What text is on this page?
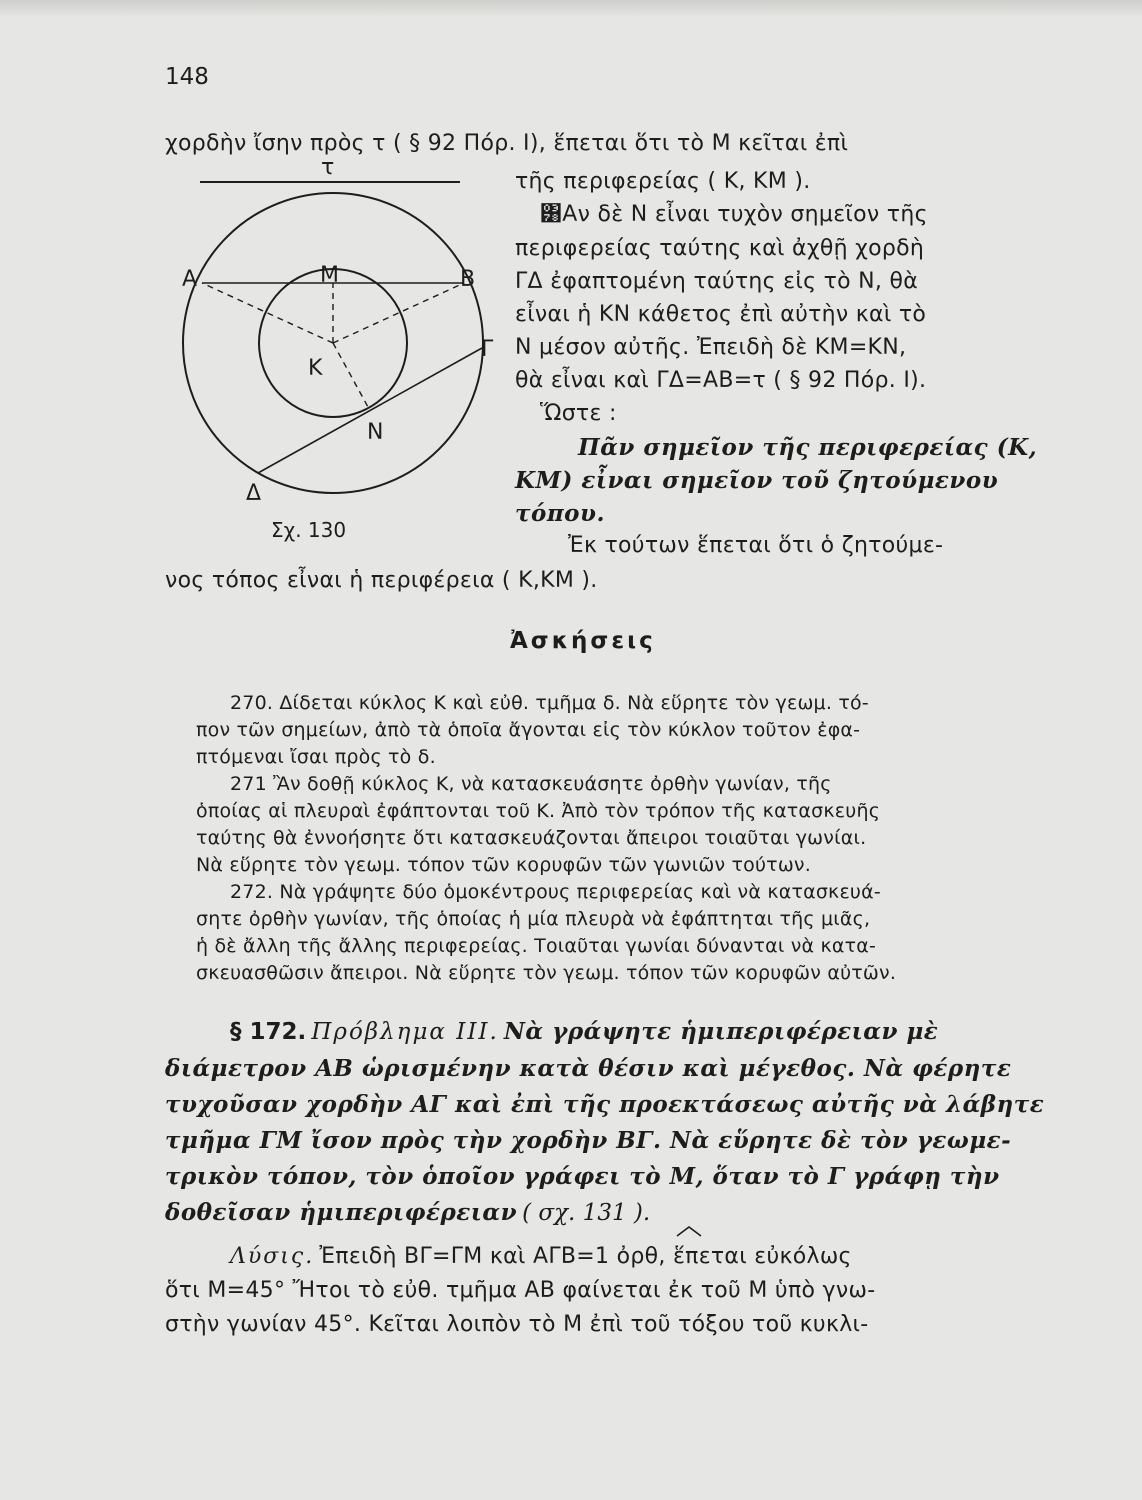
148
χορδὴν ἴσην πρὸς τ ( § 92 Πόρ. Ι), ἕπεται ὅτι τὸ Μ κεῖται ἐπὶ
τ
Α	Μ	Β
Κ
Γ
Ν
Δ
Σχ. 130
τῆς περιφερείας ( Κ, ΚΜ ).
͸Αν δὲ Ν εἶναι τυχὸν σημεῖον τῆς
περιφερείας ταύτης καὶ ἀχθῇ χορδὴ
ΓΔ ἐφαπτομένη ταύτης εἰς τὸ Ν, θὰ
εἶναι ἡ ΚΝ κάθετος ἐπὶ αὐτὴν καὶ τὸ
Ν μέσον αὐτῆς. Ἐπειδὴ δὲ ΚΜ=ΚΝ,
θὰ εἶναι καὶ ΓΔ=ΑΒ=τ ( § 92 Πόρ. Ι).
Ὥστε :
Πᾶν σημεῖον τῆς περιφερείας (Κ,
ΚΜ) εἶναι σημεῖον τοῦ ζητούμενου
τόπου.
Ἐκ τούτων ἕπεται ὅτι ὁ ζητούμε-
νος τόπος εἶναι ἡ περιφέρεια ( Κ,ΚΜ ).
Ἀσκήσεις
270. Δίδεται κύκλος Κ καὶ εὐθ. τμῆμα δ. Νὰ εὕρητε τὸν γεωμ. τό-
πον τῶν σημείων, ἀπὸ τὰ ὁποῖα ἄγονται εἰς τὸν κύκλον τοῦτον ἐφα-
πτόμεναι ἴσαι πρὸς τὸ δ.
271 Ἂν δοθῇ κύκλος Κ, νὰ κατασκευάσητε ὀρθὴν γωνίαν, τῆς
ὁποίας αἱ πλευραὶ ἐφάπτονται τοῦ Κ. Ἀπὸ τὸν τρόπον τῆς κατασκευῆς
ταύτης θὰ ἐννοήσητε ὅτι κατασκευάζονται ἄπειροι τοιαῦται γωνίαι.
Νὰ εὕρητε τὸν γεωμ. τόπον τῶν κορυφῶν τῶν γωνιῶν τούτων.
272. Νὰ γράψητε δύο ὁμοκέντρους περιφερείας καὶ νὰ κατασκευά-
σητε ὀρθὴν γωνίαν, τῆς ὁποίας ἡ μία πλευρὰ νὰ ἐφάπτηται τῆς μιᾶς,
ἡ δὲ ἄλλη τῆς ἄλλης περιφερείας. Τοιαῦται γωνίαι δύνανται νὰ κατα-
σκευασθῶσιν ἄπειροι. Νὰ εὕρητε τὸν γεωμ. τόπον τῶν κορυφῶν αὐτῶν.
§ 172. Πρόβλημα ΙΙΙ. Νὰ γράψητε ἡμιπεριφέρειαν μὲ
διάμετρον ΑΒ ὡρισμένην κατὰ θέσιν καὶ μέγεθος. Νὰ φέρητε
τυχοῦσαν χορδὴν ΑΓ καὶ ἐπὶ τῆς προεκτάσεως αὐτῆς νὰ λάβητε
τμῆμα ΓΜ ἴσον πρὸς τὴν χορδὴν ΒΓ. Νὰ εὕρητε δὲ τὸν γεωμε-
τρικὸν τόπον, τὸν ὁποῖον γράφει τὸ Μ, ὅταν τὸ Γ γράφῃ τὴν
δοθεῖσαν ἡμιπεριφέρειαν ( σχ. 131 ).
Λύσις. Ἐπειδὴ ΒΓ=ΓΜ καὶ ΑΓΒ=1 ὀρθ, ἕπεται εὐκόλως
ὅτι Μ=45° Ἤτοι τὸ εὐθ. τμῆμα ΑΒ φαίνεται ἐκ τοῦ Μ ὑπὸ γνω-
στὴν γωνίαν 45°. Κεῖται λοιπὸν τὸ Μ ἐπὶ τοῦ τόξου τοῦ κυκλι-
